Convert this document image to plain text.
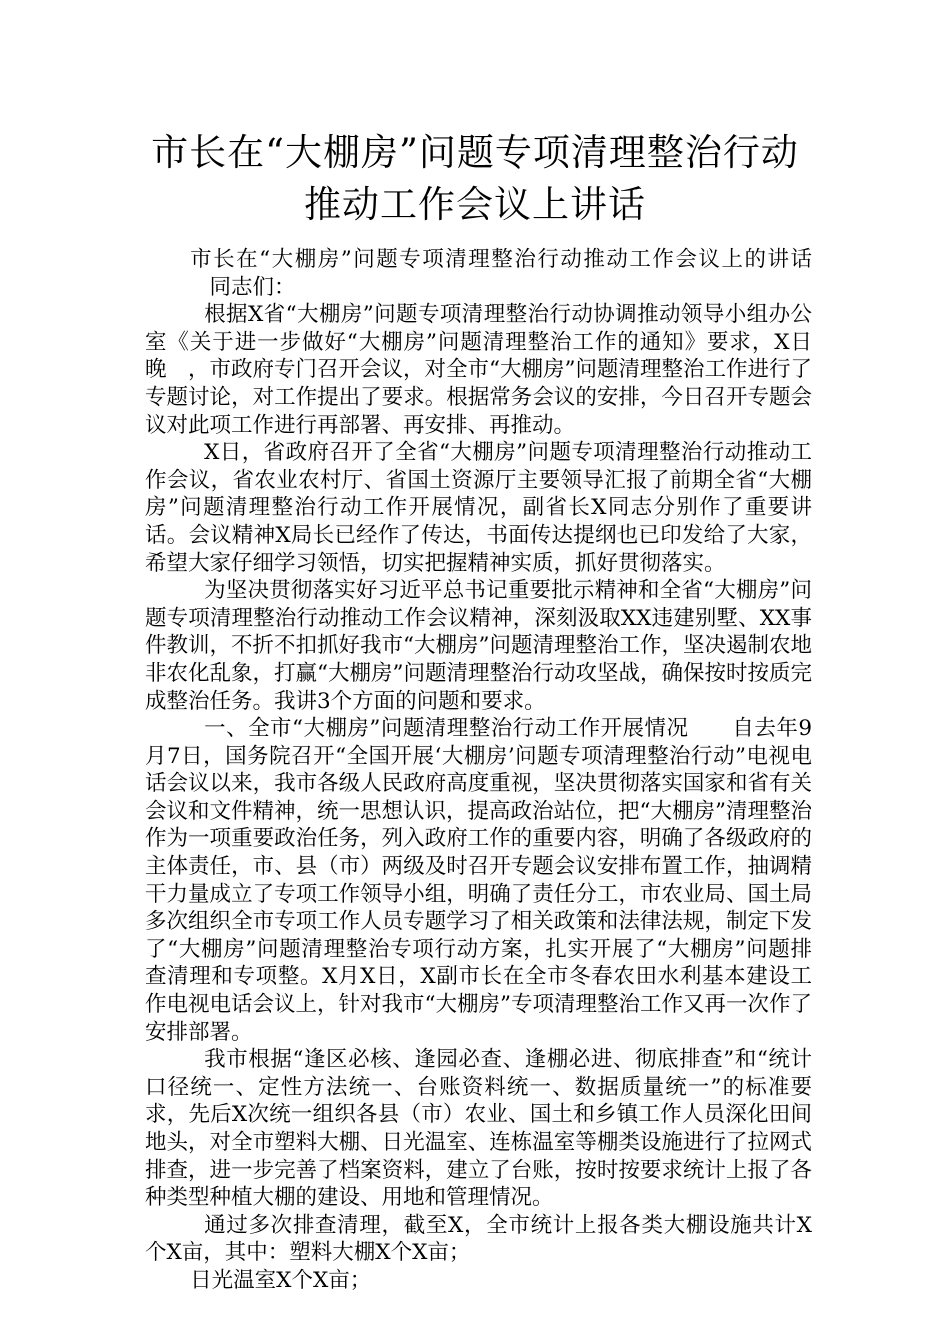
市长在“大棚房”问题专项清理整治行动
推动工作会议上讲话

市长在“大棚房”问题专项清理整治行动推动工作会议上的讲话同志们：

根据X省“大棚房”问题专项清理整治行动协调推动领导小组办公室《关于进一步做好“大棚房”问题清理整治工作的通知》要求，X日晚　，市政府专门召开会议，对全市“大棚房”问题清理整治工作进行了专题讨论，对工作提出了要求。根据常务会议的安排，今日召开专题会议对此项工作进行再部署、再安排、再推动。

X日，省政府召开了全省“大棚房”问题专项清理整治行动推动工作会议，省农业农村厅、省国土资源厅主要领导汇报了前期全省“大棚房”问题清理整治行动工作开展情况，副省长X同志分别作了重要讲话。会议精神X局长已经作了传达，书面传达提纲也已印发给了大家，希望大家仔细学习领悟，切实把握精神实质，抓好贯彻落实。

为坚决贯彻落实好习近平总书记重要批示精神和全省“大棚房”问题专项清理整治行动推动工作会议精神，深刻汲取XX违建别墅、XX事件教训，不折不扣抓好我市“大棚房”问题清理整治工作，坚决遏制农地非农化乱象，打赢“大棚房”问题清理整治行动攻坚战，确保按时按质完成整治任务。我讲3个方面的问题和要求。

一、全市“大棚房”问题清理整治行动工作开展情况　　自去年9月7日，国务院召开“全国开展‘大棚房’问题专项清理整治行动”电视电话会议以来，我市各级人民政府高度重视，坚决贯彻落实国家和省有关会议和文件精神，统一思想认识，提高政治站位，把“大棚房”清理整治作为一项重要政治任务，列入政府工作的重要内容，明确了各级政府的主体责任，市、县（市）两级及时召开专题会议安排布置工作，抽调精干力量成立了专项工作领导小组，明确了责任分工，市农业局、国土局多次组织全市专项工作人员专题学习了相关政策和法律法规，制定下发了“大棚房”问题清理整治专项行动方案，扎实开展了“大棚房”问题排查清理和专项整。X月X日，X副市长在全市冬春农田水利基本建设工作电视电话会议上，针对我市“大棚房”专项清理整治工作又再一次作了安排部署。

我市根据“逢区必核、逢园必查、逢棚必进、彻底排查”和“统计口径统一、定性方法统一、台账资料统一、数据质量统一”的标准要求，先后X次统一组织各县（市）农业、国土和乡镇工作人员深化田间地头，对全市塑料大棚、日光温室、连栋温室等棚类设施进行了拉网式排查，进一步完善了档案资料，建立了台账，按时按要求统计上报了各种类型种植大棚的建设、用地和管理情况。

通过多次排查清理，截至X，全市统计上报各类大棚设施共计X个X亩，其中：塑料大棚X个X亩；

日光温室X个X亩；
